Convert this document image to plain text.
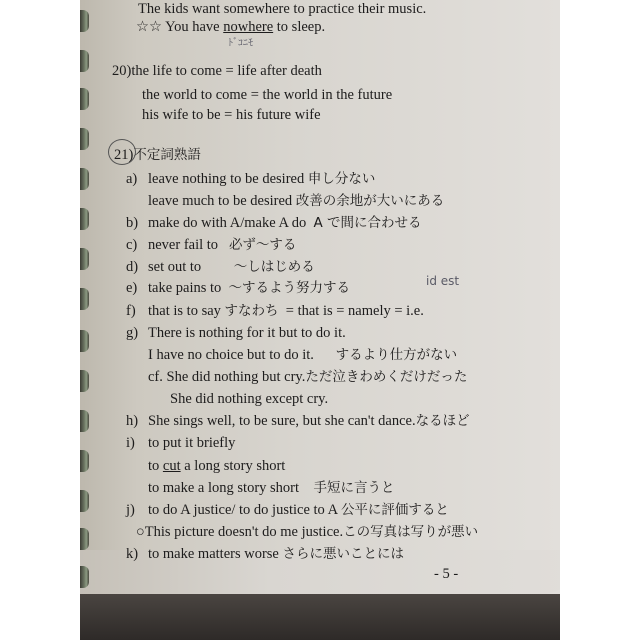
The kids want somewhere to practice their music.
☆☆ You have nowhere to sleep.
ﾄﾞｺﾆﾓ
20)the life to come = life after death
the world to come = the world in the future
his wife to be = his future wife
21)不定詞熟語
a) leave nothing to be desired 申し分ない
leave much to be desired 改善の余地が大いにある
b) make do with A/make A do A で間に合わせる
c) never fail to 必ず〜する
d) set out to 〜しはじめる
e) take pains to 〜するよう努力する	id est
f) that is to say すなわち = that is = namely = i.e.
g) There is nothing for it but to do it.
I have no choice but to do it. するより仕方がない
cf. She did nothing but cry.ただ泣きわめくだけだった
She did nothing except cry.
h) She sings well, to be sure, but she can't dance.なるほど
i) to put it briefly
to cut a long story short
to make a long story short 手短に言うと
j) to do A justice/ to do justice to A 公平に評価すると
○This picture doesn't do me justice.この写真は写りが悪い
k) to make matters worse さらに悪いことには
- 5 -
